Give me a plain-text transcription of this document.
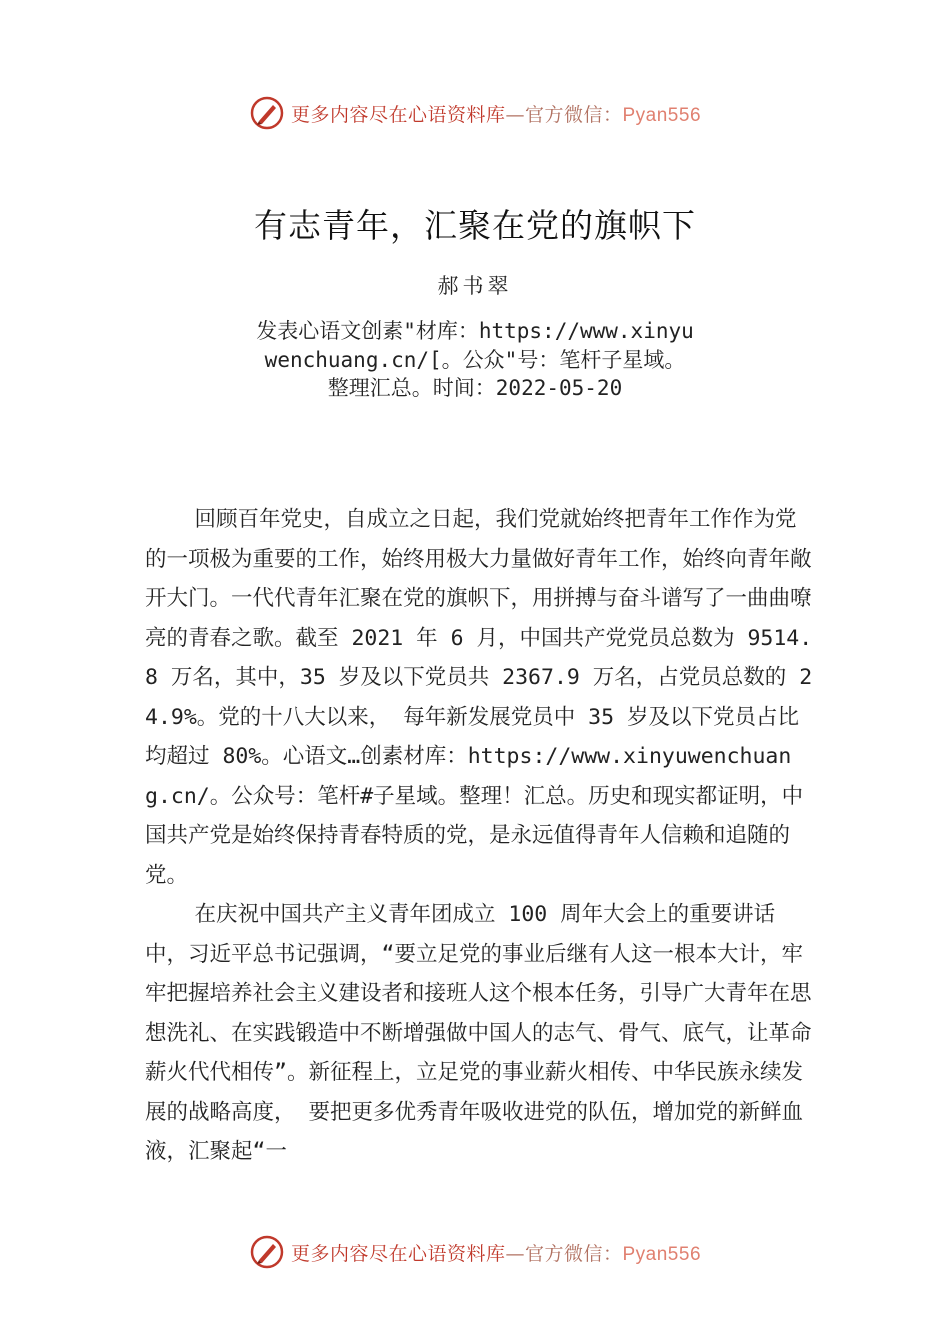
更多内容尽在心语资料库—官方微信：Pyan556
有志青年，汇聚在党的旗帜下
郝书翠
发表心语文创素"材库：https://www.xinyuwenchuang.cn/[。公众"号：笔杆子星域。整理汇总。时间：2022-05-20

回顾百年党史，自成立之日起，我们党就始终把青年工作作为党的一项极为重要的工作，始终用极大力量做好青年工作，始终向青年敞开大门。一代代青年汇聚在党的旗帜下，用拼搏与奋斗谱写了一曲曲嘹亮的青春之歌。截至 2021 年 6 月，中国共产党党员总数为 9514.8 万名，其中，35 岁及以下党员共 2367.9 万名，占党员总数的 24.9%。党的十八大以来， 每年新发展党员中 35 岁及以下党员占比均超过 80%。心语文…创素材库：https://www.xinyuwenchuang.cn/。公众号：笔杆#子星域。整理！汇总。历史和现实都证明，中国共产党是始终保持青春特质的党，是永远值得青年人信赖和追随的党。

在庆祝中国共产主义青年团成立 100 周年大会上的重要讲话中，习近平总书记强调，“要立足党的事业后继有人这一根本大计，牢牢把握培养社会主义建设者和接班人这个根本任务，引导广大青年在思想洗礼、在实践锻造中不断增强做中国人的志气、骨气、底气，让革命薪火代代相传”。新征程上，立足党的事业薪火相传、中华民族永续发展的战略高度， 要把更多优秀青年吸收进党的队伍，增加党的新鲜血液，汇聚起“一

更多内容尽在心语资料库—官方微信：Pyan556
